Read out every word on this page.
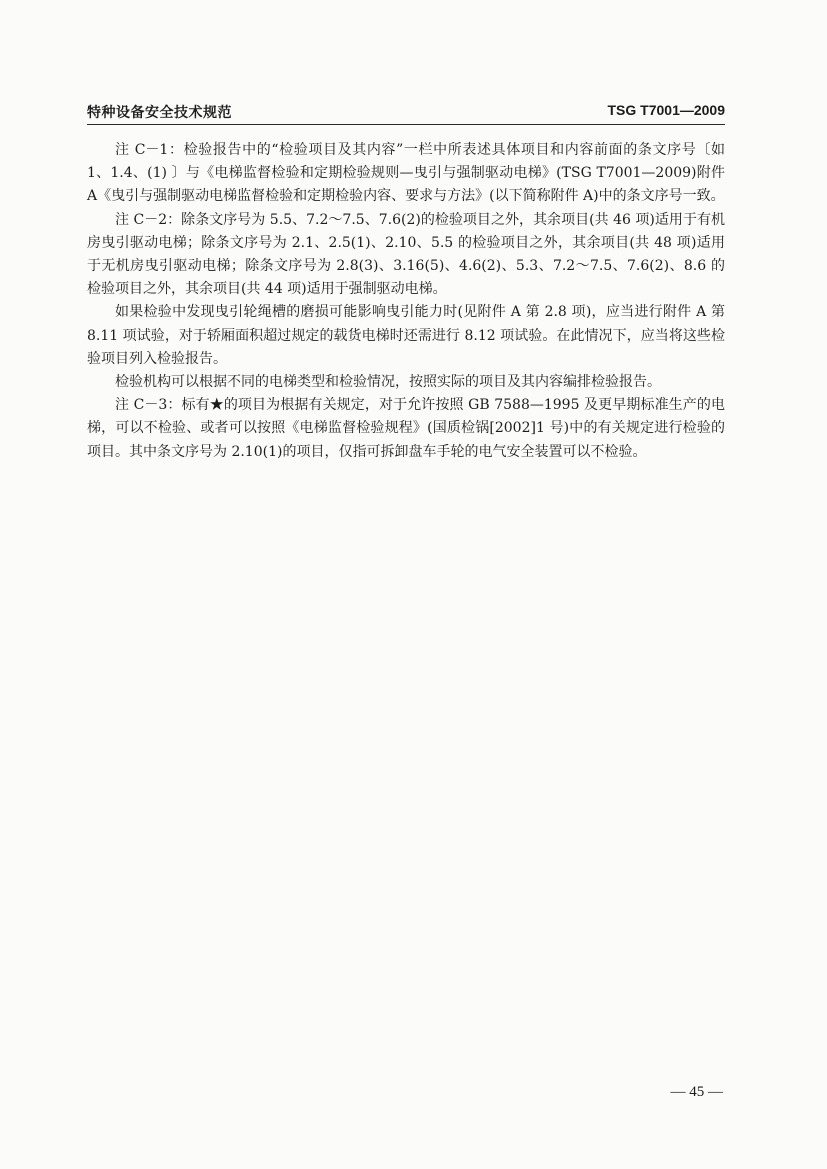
特种设备安全技术规范	TSG T7001—2009

注 C－1：检验报告中的“检验项目及其内容”一栏中所表述具体项目和内容前面的条文序号〔如 1、1.4、(1) 〕与《电梯监督检验和定期检验规则—曳引与强制驱动电梯》(TSG T7001—2009)附件 A《曳引与强制驱动电梯监督检验和定期检验内容、要求与方法》(以下简称附件 A)中的条文序号一致。

注 C－2：除条文序号为 5.5、7.2～7.5、7.6(2)的检验项目之外，其余项目(共 46 项)适用于有机房曳引驱动电梯；除条文序号为 2.1、2.5(1)、2.10、5.5 的检验项目之外，其余项目(共 48 项)适用于无机房曳引驱动电梯；除条文序号为 2.8(3)、3.16(5)、4.6(2)、5.3、7.2～7.5、7.6(2)、8.6 的检验项目之外，其余项目(共 44 项)适用于强制驱动电梯。

如果检验中发现曳引轮绳槽的磨损可能影响曳引能力时(见附件 A 第 2.8 项)，应当进行附件 A 第 8.11 项试验，对于轿厢面积超过规定的载货电梯时还需进行 8.12 项试验。在此情况下，应当将这些检验项目列入检验报告。

检验机构可以根据不同的电梯类型和检验情况，按照实际的项目及其内容编排检验报告。

注 C－3：标有★的项目为根据有关规定，对于允许按照 GB 7588—1995 及更早期标准生产的电梯，可以不检验、或者可以按照《电梯监督检验规程》(国质检锅[2002]1 号)中的有关规定进行检验的项目。其中条文序号为 2.10(1)的项目，仅指可拆卸盘车手轮的电气安全装置可以不检验。

— 45 —
